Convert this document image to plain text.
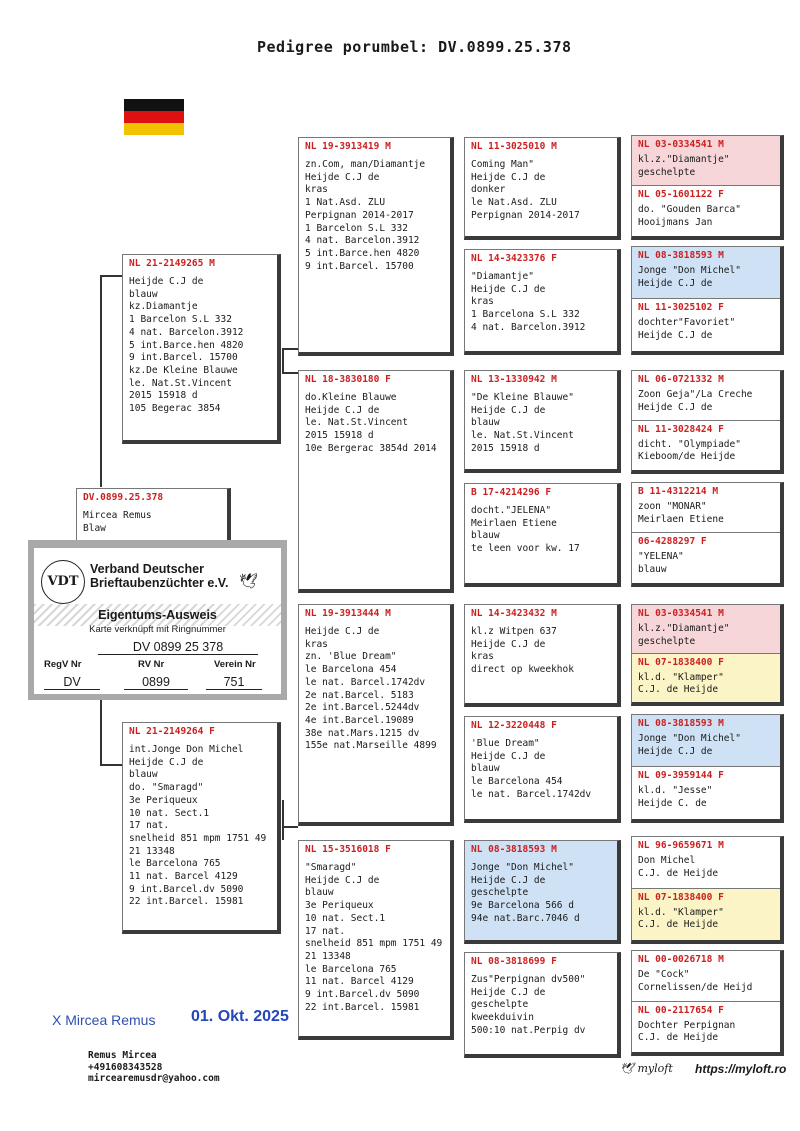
Pedigree porumbel: DV.0899.25.378
DV.0899.25.378
Mircea Remus
Blaw
NL 21-2149265 M
Heijde C.J de
blauw
kz.Diamantje
1 Barcelon S.L 332
4 nat. Barcelon.3912
5 int.Barce.hen 4820
9 int.Barcel. 15700
kz.De Kleine Blauwe
le. Nat.St.Vincent
2015 15918 d
105 Begerac 3854
NL 21-2149264 F
int.Jonge Don Michel
Heijde C.J de
blauw
do. "Smaragd"
3e Periqueux
10 nat. Sect.1
17 nat.
snelheid 851 mpm 1751 49
21 13348
le Barcelona 765
11 nat. Barcel 4129
9 int.Barcel.dv 5090
22 int.Barcel. 15981
NL 19-3913419 M
zn.Com, man/Diamantje
Heijde C.J de
kras
1 Nat.Asd. ZLU
Perpignan 2014-2017
1 Barcelon S.L 332
4 nat. Barcelon.3912
5 int.Barce.hen 4820
9 int.Barcel. 15700
NL 18-3830180 F
do.Kleine Blauwe
Heijde C.J de
le. Nat.St.Vincent
2015 15918 d
10e Bergerac 3854d 2014
NL 19-3913444 M
Heijde C.J de
kras
zn. 'Blue Dream"
le Barcelona 454
le nat. Barcel.1742dv
2e nat.Barcel. 5183
2e int.Barcel.5244dv
4e int.Barcel.19089
38e nat.Mars.1215 dv
155e nat.Marseille 4899
NL 15-3516018 F
"Smaragd"
Heijde C.J de
blauw
3e Periqueux
10 nat. Sect.1
17 nat.
snelheid 851 mpm 1751 49
21 13348
le Barcelona 765
11 nat. Barcel 4129
9 int.Barcel.dv 5090
22 int.Barcel. 15981
NL 11-3025010 M
Coming Man"
Heijde C.J de
donker
le Nat.Asd. ZLU
Perpignan 2014-2017
NL 14-3423376 F
"Diamantje"
Heijde C.J de
kras
1 Barcelona S.L 332
4 nat. Barcelon.3912
NL 13-1330942 M
"De Kleine Blauwe"
Heijde C.J de
blauw
le. Nat.St.Vincent
2015 15918 d
B 17-4214296 F
docht."JELENA"
Meirlaen Etiene
blauw
te leen voor kw. 17
NL 14-3423432 M
kl.z Witpen 637
Heijde C.J de
kras
direct op kweekhok
NL 12-3220448 F
'Blue Dream"
Heijde C.J de
blauw
le Barcelona 454
le nat. Barcel.1742dv
NL 08-3818593 M
Jonge "Don Michel"
Heijde C.J de
geschelpte
9e Barcelona 566 d
94e nat.Barc.7046 d
NL 08-3818699 F
Zus"Perpignan dv500"
Heijde C.J de
geschelpte
kweekduivin
500:10 nat.Perpig dv
NL 03-0334541 M
kl.z."Diamantje"
geschelpte
NL 05-1601122 F
do. "Gouden Barca"
Hooijmans Jan
NL 08-3818593 M
Jonge "Don Michel"
Heijde C.J de
NL 11-3025102 F
dochter"Favoriet"
Heijde C.J de
NL 06-0721332 M
Zoon Geja"/La Creche
Heijde C.J de
NL 11-3028424 F
dicht. "Olympiade"
Kieboom/de Heijde
B 11-4312214 M
zoon "MONAR"
Meirlaen Etiene
06-4288297 F
"YELENA"
blauw
NL 03-0334541 M
kl.z."Diamantje"
geschelpte
NL 07-1838400 F
kl.d. "Klamper"
C.J. de Heijde
NL 08-3818593 M
Jonge "Don Michel"
Heijde C.J de
NL 09-3959144 F
kl.d. "Jesse"
Heijde C. de
NL 96-9659671 M
Don Michel
C.J. de Heijde
NL 07-1838400 F
kl.d. "Klamper"
C.J. de Heijde
NL 00-0026718 M
De "Cock"
Cornelissen/de Heijd
NL 00-2117654 F
Dochter Perpignan
C.J. de Heijde
VDT
Verband Deutscher
Brieftaubenzüchter e.V. 🕊
Eigentums-Ausweis
Karte verknüpft mit Ringnummer
DV 0899 25 378
RegV Nr	RV Nr	Verein Nr
DV	0899	751
X Mircea Remus 01. Okt. 2025
Remus Mircea
+491608343528
mircearemusdr@yahoo.com
🕊 myloft https://myloft.ro
